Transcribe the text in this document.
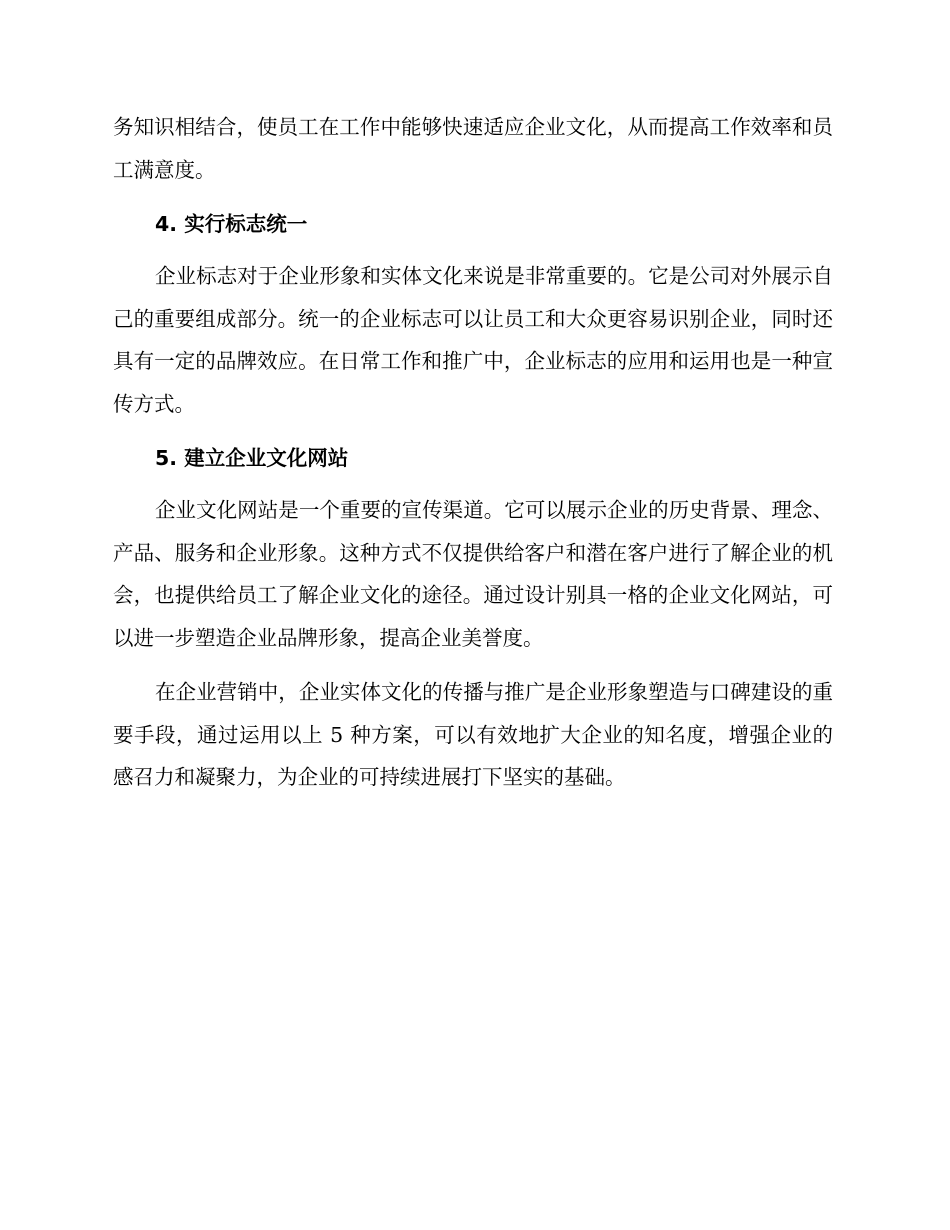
务知识相结合，使员工在工作中能够快速适应企业文化，从而提高工作效率和员工满意度。

4. 实行标志统一

企业标志对于企业形象和实体文化来说是非常重要的。它是公司对外展示自己的重要组成部分。统一的企业标志可以让员工和大众更容易识别企业，同时还具有一定的品牌效应。在日常工作和推广中，企业标志的应用和运用也是一种宣传方式。

5. 建立企业文化网站

企业文化网站是一个重要的宣传渠道。它可以展示企业的历史背景、理念、产品、服务和企业形象。这种方式不仅提供给客户和潜在客户进行了解企业的机会，也提供给员工了解企业文化的途径。通过设计别具一格的企业文化网站，可以进一步塑造企业品牌形象，提高企业美誉度。

在企业营销中，企业实体文化的传播与推广是企业形象塑造与口碑建设的重要手段，通过运用以上 5 种方案，可以有效地扩大企业的知名度，增强企业的感召力和凝聚力，为企业的可持续进展打下坚实的基础。
